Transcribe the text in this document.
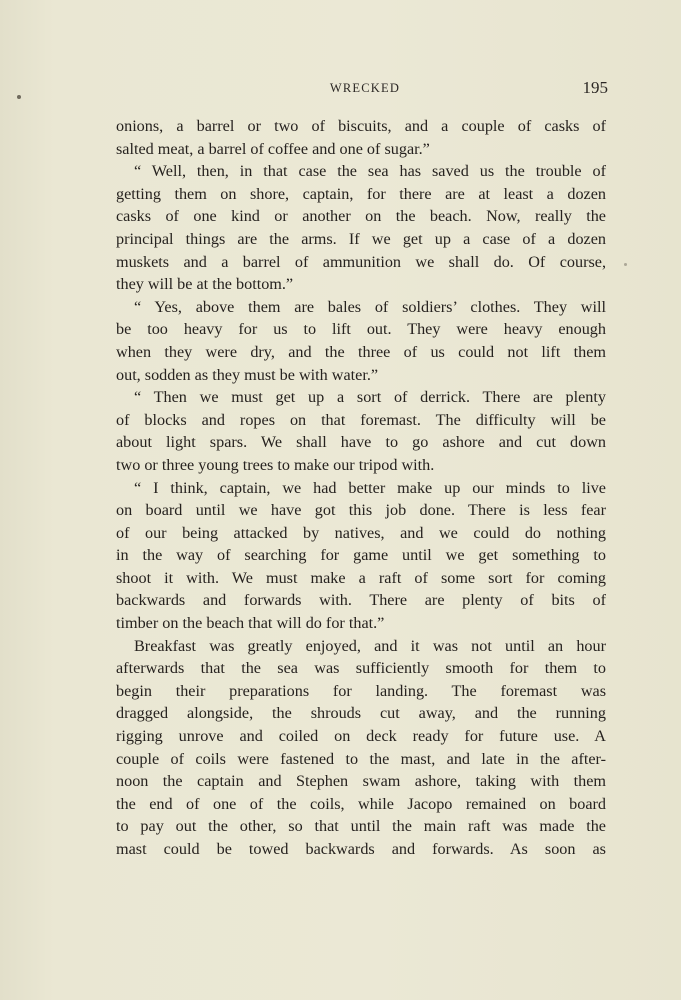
WRECKED	195
onions, a barrel or two of biscuits, and a couple of casks of
salted meat, a barrel of coffee and one of sugar.”
“ Well, then, in that case the sea has saved us the trouble of
getting them on shore, captain, for there are at least a dozen
casks of one kind or another on the beach. Now, really the
principal things are the arms. If we get up a case of a dozen
muskets and a barrel of ammunition we shall do. Of course,
they will be at the bottom.”
“ Yes, above them are bales of soldiers’ clothes. They will
be too heavy for us to lift out. They were heavy enough
when they were dry, and the three of us could not lift them
out, sodden as they must be with water.”
“ Then we must get up a sort of derrick. There are plenty
of blocks and ropes on that foremast. The difficulty will be
about light spars. We shall have to go ashore and cut down
two or three young trees to make our tripod with.
“ I think, captain, we had better make up our minds to live
on board until we have got this job done. There is less fear
of our being attacked by natives, and we could do nothing
in the way of searching for game until we get something to
shoot it with. We must make a raft of some sort for coming
backwards and forwards with. There are plenty of bits of
timber on the beach that will do for that.”
Breakfast was greatly enjoyed, and it was not until an hour
afterwards that the sea was sufficiently smooth for them to
begin their preparations for landing. The foremast was
dragged alongside, the shrouds cut away, and the running
rigging unrove and coiled on deck ready for future use. A
couple of coils were fastened to the mast, and late in the after-
noon the captain and Stephen swam ashore, taking with them
the end of one of the coils, while Jacopo remained on board
to pay out the other, so that until the main raft was made the
mast could be towed backwards and forwards. As soon as
